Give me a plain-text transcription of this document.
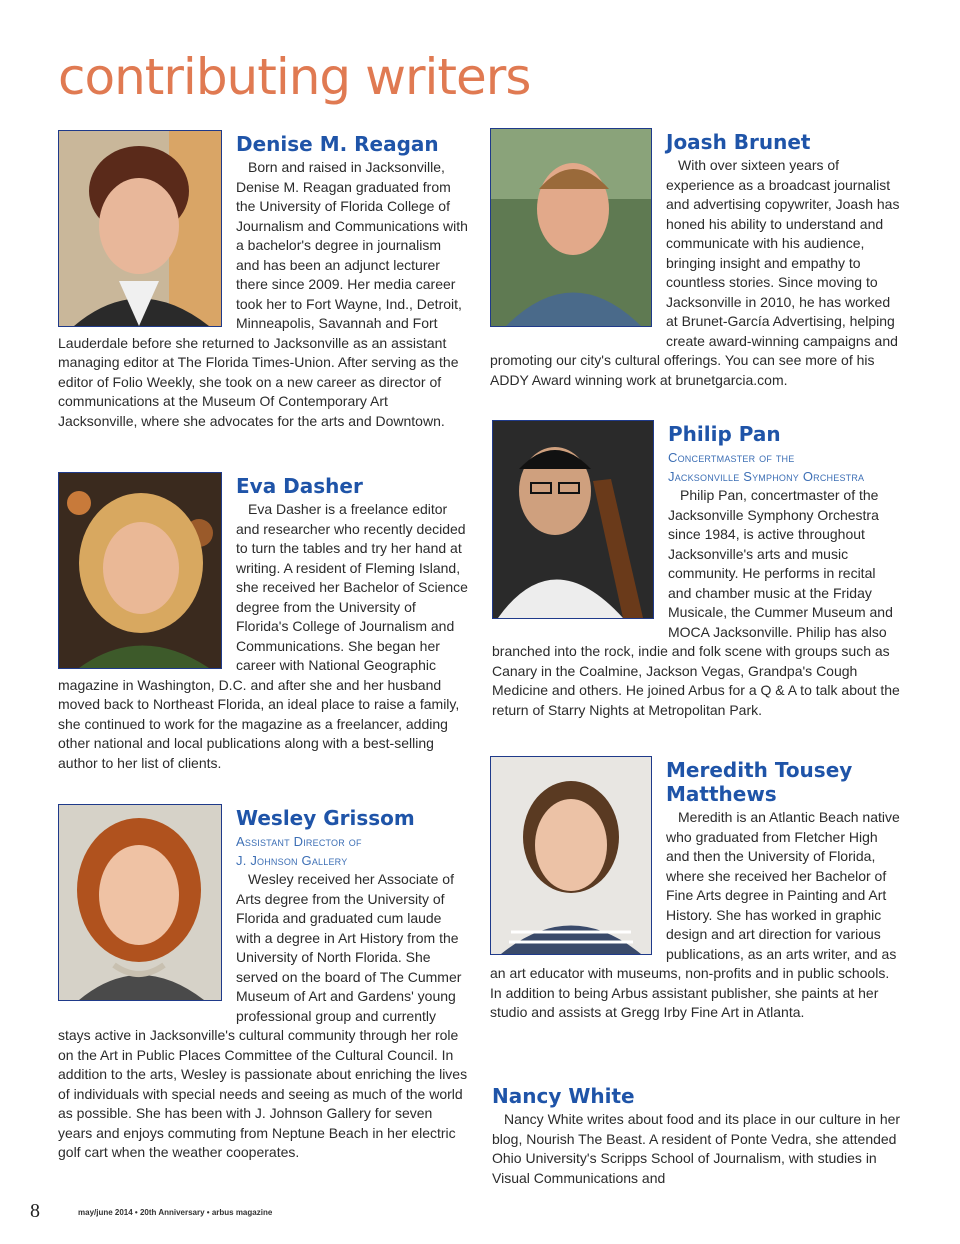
contributing writers
Denise M. Reagan

Born and raised in Jacksonville, Denise M. Reagan graduated from the University of Florida College of Journalism and Communications with a bachelor's degree in journalism and has been an adjunct lecturer there since 2009. Her media career took her to Fort Wayne, Ind., Detroit, Minneapolis, Savannah and Fort Lauderdale before she returned to Jacksonville as an assistant managing editor at The Florida Times-Union. After serving as the editor of Folio Weekly, she took on a new career as director of communications at the Museum Of Contemporary Art Jacksonville, where she advocates for the arts and Downtown.

Eva Dasher

Eva Dasher is a freelance editor and researcher who recently decided to turn the tables and try her hand at writing. A resident of Fleming Island, she received her Bachelor of Science degree from the University of Florida's College of Journalism and Communications. She began her career with National Geographic magazine in Washington, D.C. and after she and her husband moved back to Northeast Florida, an ideal place to raise a family, she continued to work for the magazine as a freelancer, adding other national and local publications along with a best-selling author to her list of clients.

Wesley Grissom

Assistant Director of

J. Johnson Gallery

Wesley received her Associate of Arts degree from the University of Florida and graduated cum laude with a degree in Art History from the University of North Florida. She served on the board of The Cummer Museum of Art and Gardens' young professional group and currently stays active in Jacksonville's cultural community through her role on the Art in Public Places Committee of the Cultural Council. In addition to the arts, Wesley is passionate about enriching the lives of individuals with special needs and seeing as much of the world as possible. She has been with J. Johnson Gallery for seven years and enjoys commuting from Neptune Beach in her electric golf cart when the weather cooperates.

Joash Brunet

With over sixteen years of experience as a broadcast journalist and advertising copywriter, Joash has honed his ability to understand and communicate with his audience, bringing insight and empathy to countless stories. Since moving to Jacksonville in 2010, he has worked at Brunet-García Advertising, helping create award-winning campaigns and promoting our city's cultural offerings. You can see more of his ADDY Award winning work at brunetgarcia.com.

Philip Pan

Concertmaster of the

Jacksonville Symphony Orchestra

Philip Pan, concertmaster of the Jacksonville Symphony Orchestra since 1984, is active throughout Jacksonville's arts and music community. He performs in recital and chamber music at the Friday Musicale, the Cummer Museum and MOCA Jacksonville. Philip has also branched into the rock, indie and folk scene with groups such as Canary in the Coalmine, Jackson Vegas, Grandpa's Cough Medicine and others. He joined Arbus for a Q & A to talk about the return of Starry Nights at Metropolitan Park.

Meredith Tousey Matthews

Meredith is an Atlantic Beach native who graduated from Fletcher High and then the University of Florida, where she received her Bachelor of Fine Arts degree in Painting and Art History. She has worked in graphic design and art direction for various publications, as an arts writer, and as an art educator with museums, non-profits and in public schools. In addition to being Arbus assistant publisher, she paints at her studio and assists at Gregg Irby Fine Art in Atlanta.

Nancy White

Nancy White writes about food and its place in our culture in her blog, Nourish The Beast. A resident of Ponte Vedra, she attended Ohio University's Scripps School of Journalism, with studies in Visual Communications and

8	may/june 2014 • 20th Anniversary • arbus magazine
